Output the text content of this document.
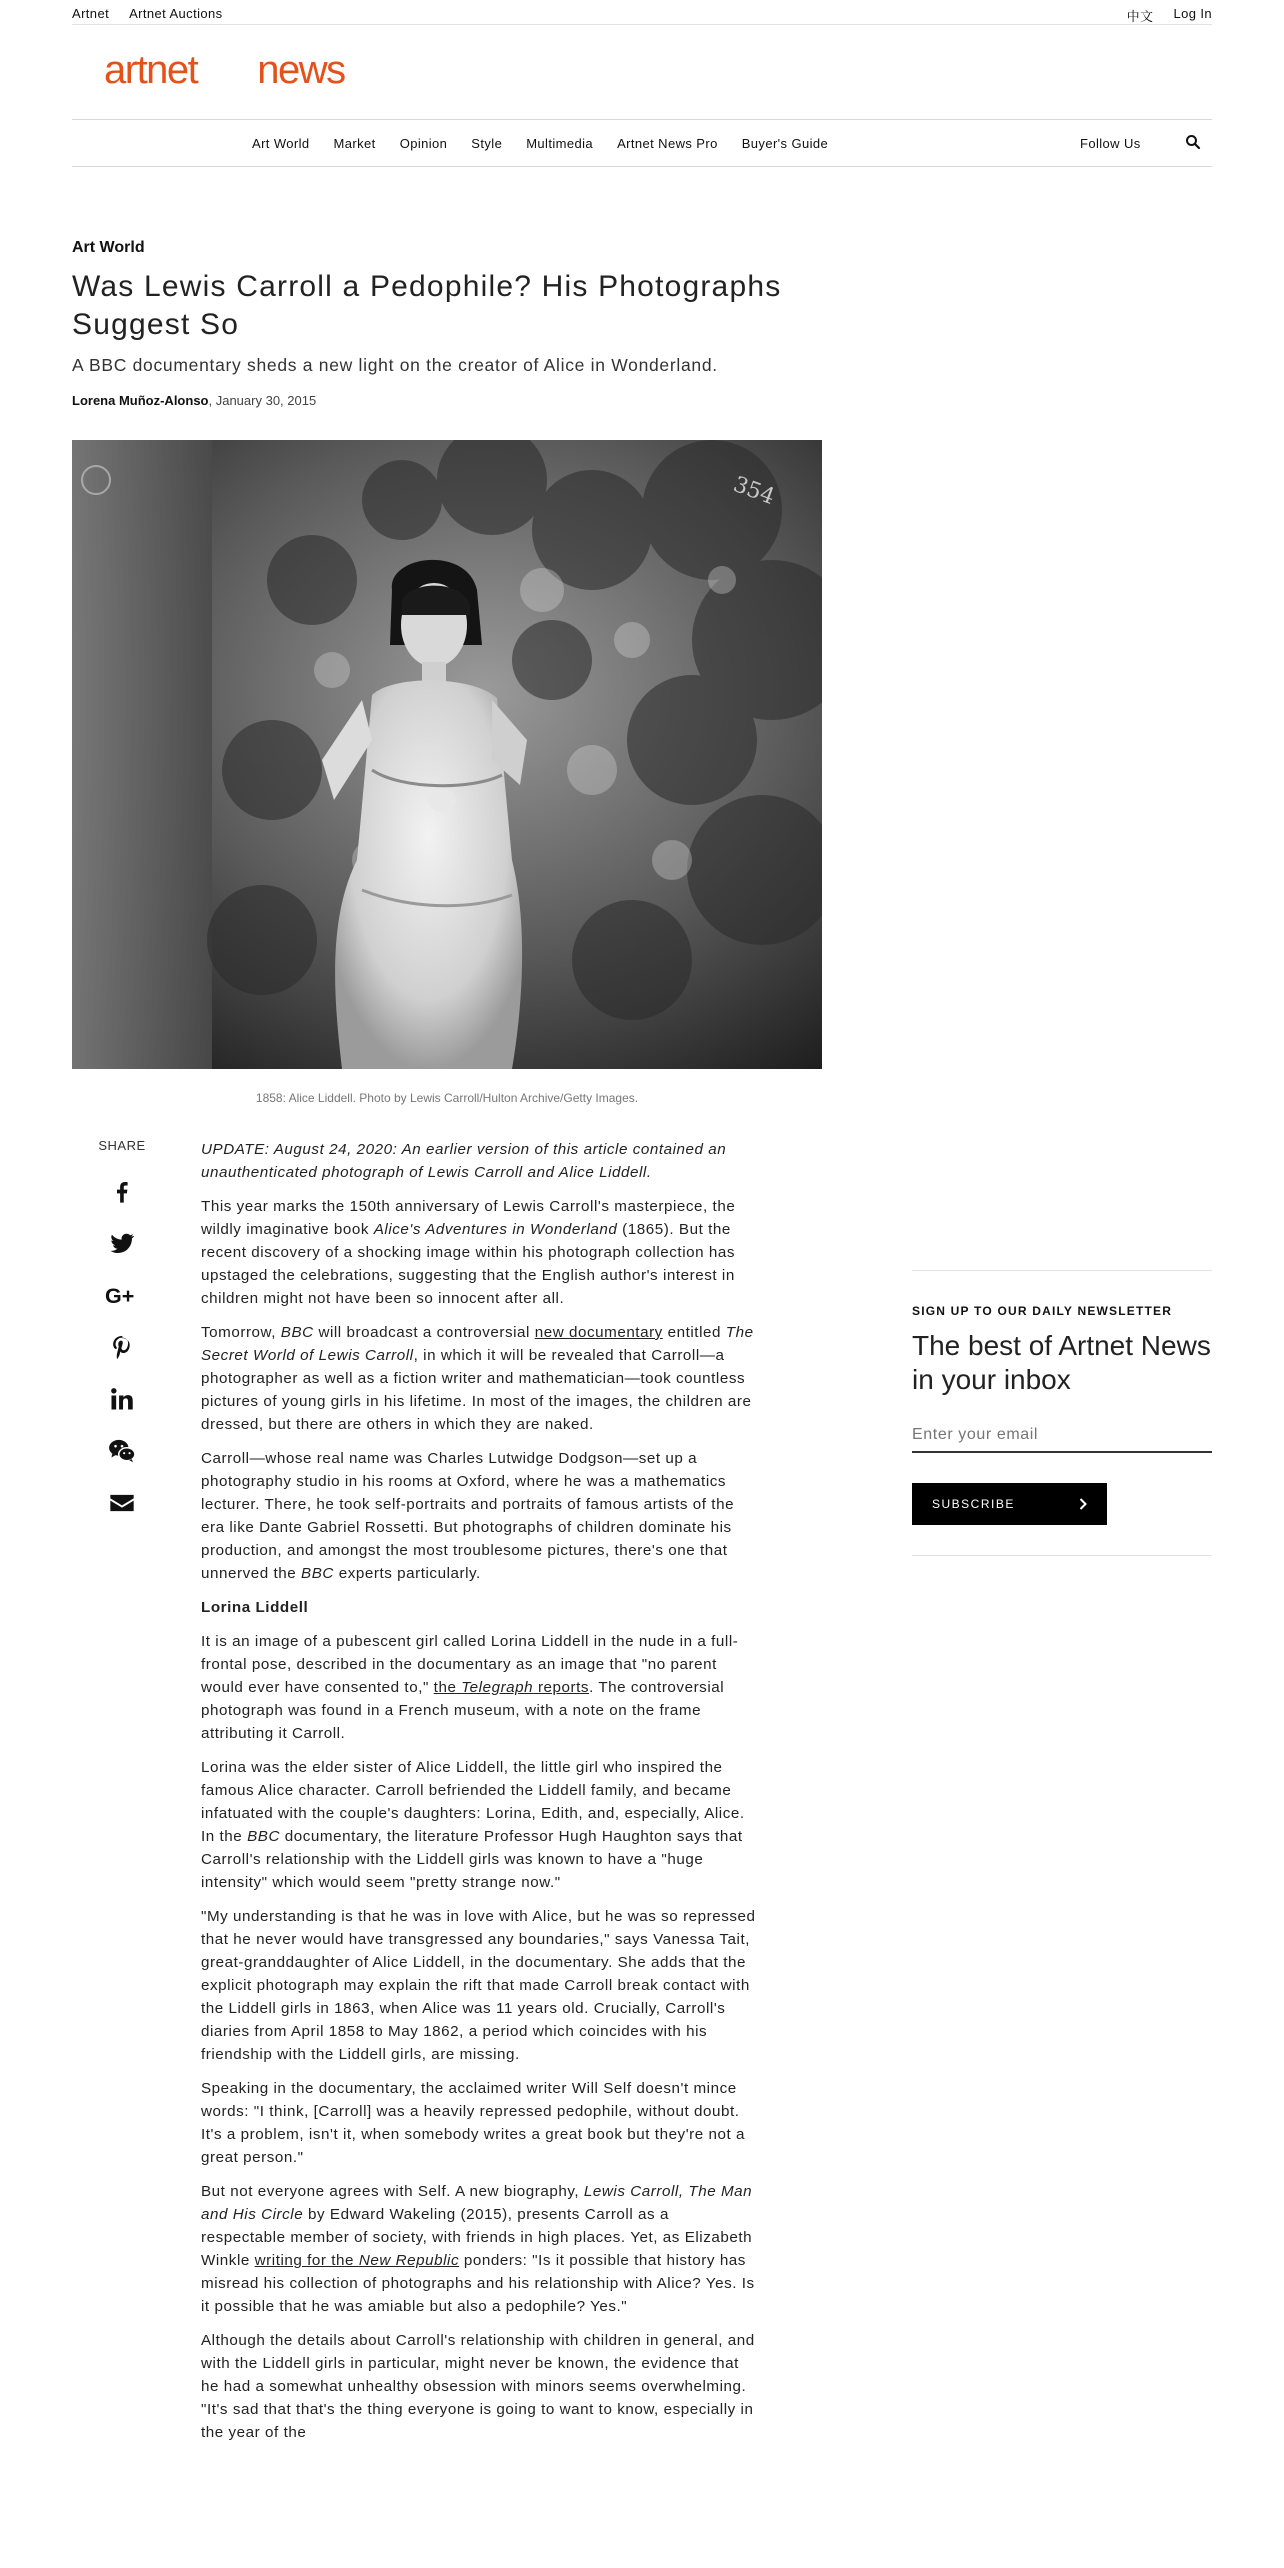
Artnet Artnet Auctions	中文 Log In
artnet news
Art World Market Opinion Style Multimedia Artnet News Pro Buyer's Guide	Follow Us
Art World
Was Lewis Carroll a Pedophile? His Photographs Suggest So
A BBC documentary sheds a new light on the creator of Alice in Wonderland.
Lorena Muñoz-Alonso, January 30, 2015
354
1858: Alice Liddell. Photo by Lewis Carroll/Hulton Archive/Getty Images.
SHARE
G+

UPDATE: August 24, 2020: An earlier version of this article contained an unauthenticated photograph of Lewis Carroll and Alice Liddell.

This year marks the 150th anniversary of Lewis Carroll's masterpiece, the wildly imaginative book Alice's Adventures in Wonderland (1865). But the recent discovery of a shocking image within his photograph collection has upstaged the celebrations, suggesting that the English author's interest in children might not have been so innocent after all.

Tomorrow, BBC will broadcast a controversial new documentary entitled The Secret World of Lewis Carroll, in which it will be revealed that Carroll—a photographer as well as a fiction writer and mathematician—took countless pictures of young girls in his lifetime. In most of the images, the children are dressed, but there are others in which they are naked.

Carroll—whose real name was Charles Lutwidge Dodgson—set up a photography studio in his rooms at Oxford, where he was a mathematics lecturer. There, he took self-portraits and portraits of famous artists of the era like Dante Gabriel Rossetti. But photographs of children dominate his production, and amongst the most troublesome pictures, there's one that unnerved the BBC experts particularly.

Lorina Liddell

It is an image of a pubescent girl called Lorina Liddell in the nude in a full-frontal pose, described in the documentary as an image that "no parent would ever have consented to," the Telegraph reports. The controversial photograph was found in a French museum, with a note on the frame attributing it Carroll.

Lorina was the elder sister of Alice Liddell, the little girl who inspired the famous Alice character. Carroll befriended the Liddell family, and became infatuated with the couple's daughters: Lorina, Edith, and, especially, Alice. In the BBC documentary, the literature Professor Hugh Haughton says that Carroll's relationship with the Liddell girls was known to have a "huge intensity" which would seem "pretty strange now."

"My understanding is that he was in love with Alice, but he was so repressed that he never would have transgressed any boundaries," says Vanessa Tait, great-granddaughter of Alice Liddell, in the documentary. She adds that the explicit photograph may explain the rift that made Carroll break contact with the Liddell girls in 1863, when Alice was 11 years old. Crucially, Carroll's diaries from April 1858 to May 1862, a period which coincides with his friendship with the Liddell girls, are missing.

Speaking in the documentary, the acclaimed writer Will Self doesn't mince words: "I think, [Carroll] was a heavily repressed pedophile, without doubt. It's a problem, isn't it, when somebody writes a great book but they're not a great person."

But not everyone agrees with Self. A new biography, Lewis Carroll, The Man and His Circle by Edward Wakeling (2015), presents Carroll as a respectable member of society, with friends in high places. Yet, as Elizabeth Winkle writing for the New Republic ponders: "Is it possible that history has misread his collection of photographs and his relationship with Alice? Yes. Is it possible that he was amiable but also a pedophile? Yes."

Although the details about Carroll's relationship with children in general, and with the Liddell girls in particular, might never be known, the evidence that he had a somewhat unhealthy obsession with minors seems overwhelming. "It's sad that that's the thing everyone is going to want to know, especially in the year of the

SIGN UP TO OUR DAILY NEWSLETTER
The best of Artnet News in your inbox
Enter your email
SUBSCRIBE
